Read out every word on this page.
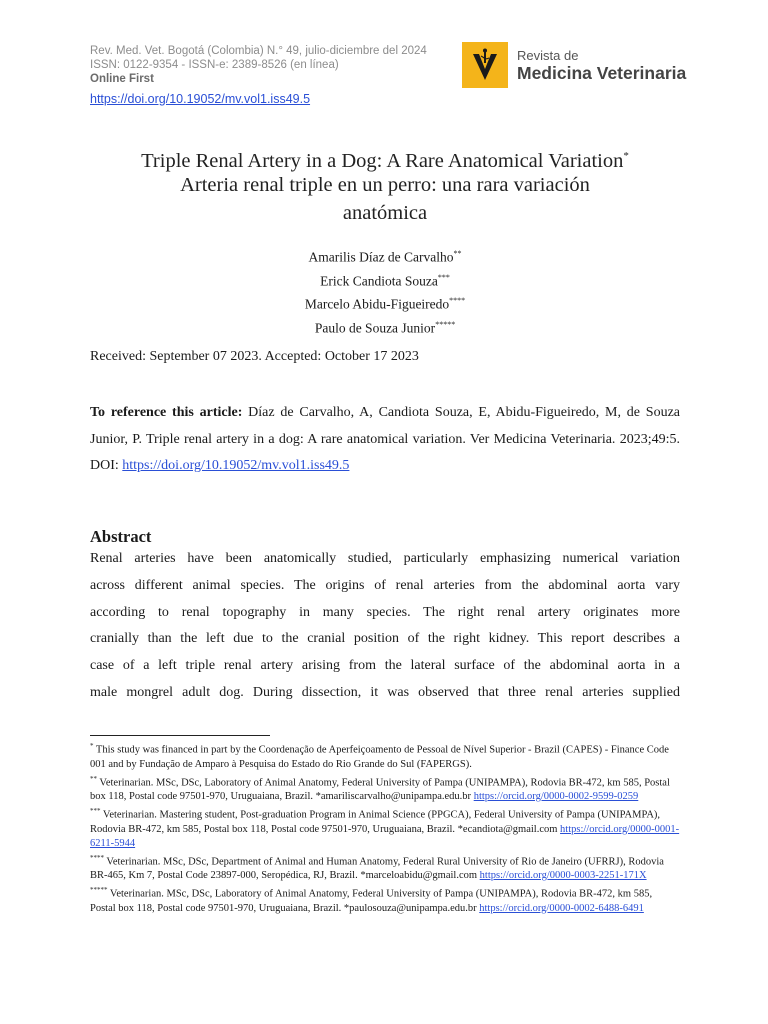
Rev. Med. Vet. Bogotá (Colombia) N.° 49, julio-diciembre del 2024
ISSN: 0122-9354 - ISSN-e: 2389-8526 (en línea)
Online First
https://doi.org/10.19052/mv.vol1.iss49.5
Revista de
Medicina Veterinaria
Triple Renal Artery in a Dog: A Rare Anatomical Variation*
Arteria renal triple en un perro: una rara variación
anatómica
Amarilis Díaz de Carvalho**
Erick Candiota Souza***
Marcelo Abidu-Figueiredo****
Paulo de Souza Junior*****
Received: September 07 2023. Accepted: October 17 2023
To reference this article: Díaz de Carvalho, A, Candiota Souza, E, Abidu-Figueiredo, M, de Souza Junior, P. Triple renal artery in a dog: A rare anatomical variation. Ver Medicina Veterinaria. 2023;49:5. DOI: https://doi.org/10.19052/mv.vol1.iss49.5
Abstract
Renal arteries have been anatomically studied, particularly emphasizing numerical variation
across different animal species. The origins of renal arteries from the abdominal aorta vary
according to renal topography in many species. The right renal artery originates more
cranially than the left due to the cranial position of the right kidney. This report describes a
case of a left triple renal artery arising from the lateral surface of the abdominal aorta in a
male mongrel adult dog. During dissection, it was observed that three renal arteries supplied
* This study was financed in part by the Coordenação de Aperfeiçoamento de Pessoal de Nível Superior - Brazil (CAPES) - Finance Code 001 and by Fundação de Amparo à Pesquisa do Estado do Rio Grande do Sul (FAPERGS).
** Veterinarian. MSc, DSc, Laboratory of Animal Anatomy, Federal University of Pampa (UNIPAMPA), Rodovia BR-472, km 585, Postal box 118, Postal code 97501-970, Uruguaiana, Brazil. *amariliscarvalho@unipampa.edu.br https://orcid.org/0000-0002-9599-0259
*** Veterinarian. Mastering student, Post-graduation Program in Animal Science (PPGCA), Federal University of Pampa (UNIPAMPA), Rodovia BR-472, km 585, Postal box 118, Postal code 97501-970, Uruguaiana, Brazil. *ecandiota@gmail.com https://orcid.org/0000-0001-6211-5944
**** Veterinarian. MSc, DSc, Department of Animal and Human Anatomy, Federal Rural University of Rio de Janeiro (UFRRJ), Rodovia BR-465, Km 7, Postal Code 23897-000, Seropédica, RJ, Brazil. *marceloabidu@gmail.com https://orcid.org/0000-0003-2251-171X
***** Veterinarian. MSc, DSc, Laboratory of Animal Anatomy, Federal University of Pampa (UNIPAMPA), Rodovia BR-472, km 585, Postal box 118, Postal code 97501-970, Uruguaiana, Brazil. *paulosouza@unipampa.edu.br https://orcid.org/0000-0002-6488-6491
